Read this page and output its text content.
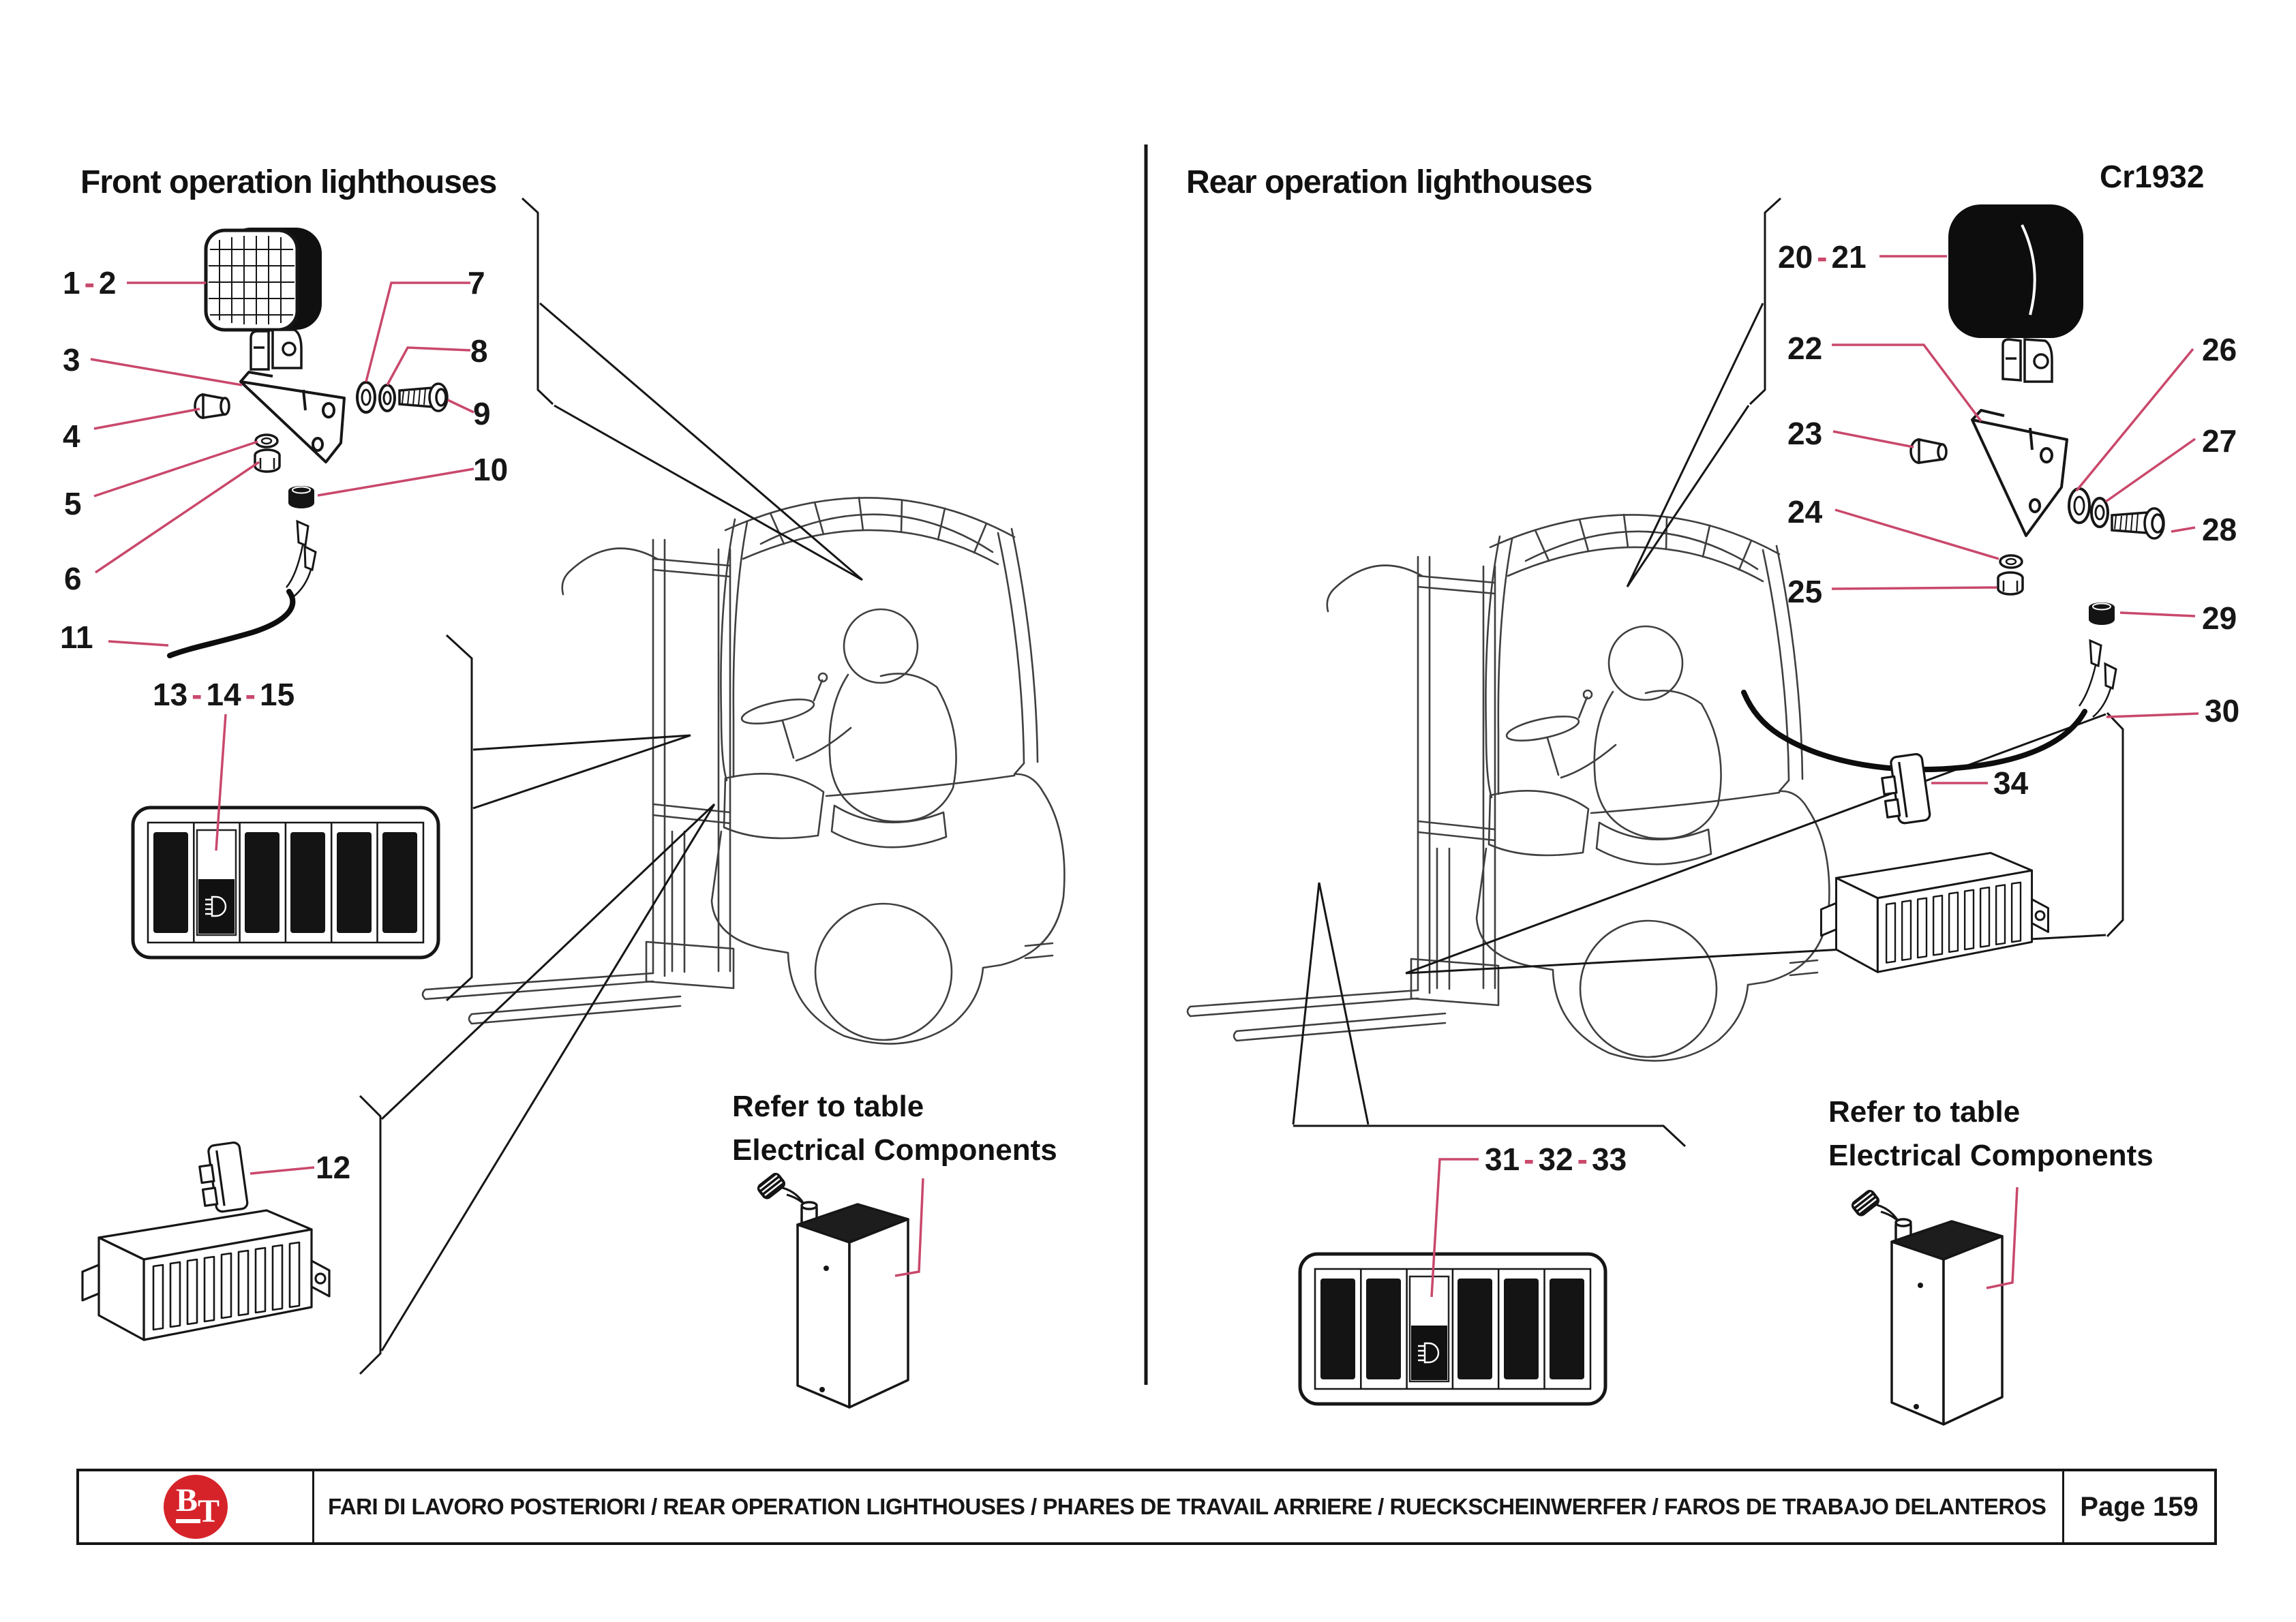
Front operation lighthouses	Rear operation lighthouses	Cr1932
1 - 2
3
4
5
6
7
8
9
10
11
12
13 - 14 - 15
20 - 21
22
23
24
25
26
27
28
29
30
34
31 - 32 - 33
Refer to table
Electrical Components
Refer to table
Electrical Components
B T	FARI DI LAVORO POSTERIORI / REAR OPERATION LIGHTHOUSES / PHARES DE TRAVAIL ARRIERE / RUECKSCHEINWERFER / FAROS DE TRABAJO DELANTEROS	Page 159
